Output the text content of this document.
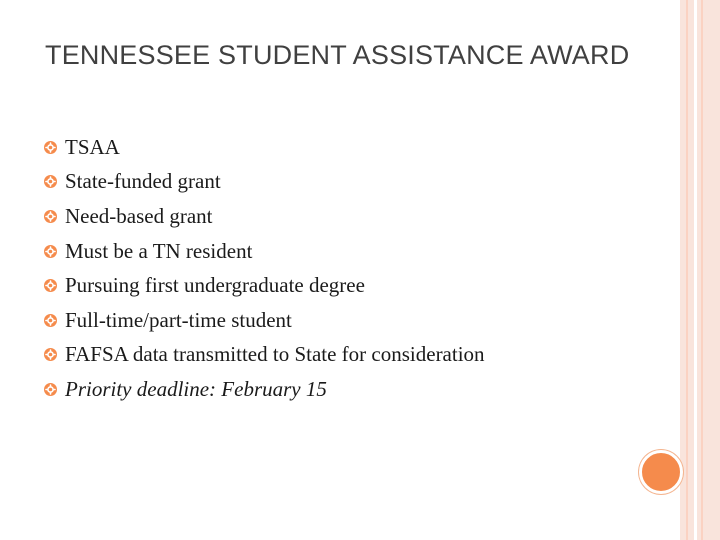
TENNESSEE STUDENT ASSISTANCE AWARD
TSAA
State-funded grant
Need-based grant
Must be a TN resident
Pursuing first undergraduate degree
Full-time/part-time student
FAFSA data transmitted to State for consideration
Priority deadline: February 15
